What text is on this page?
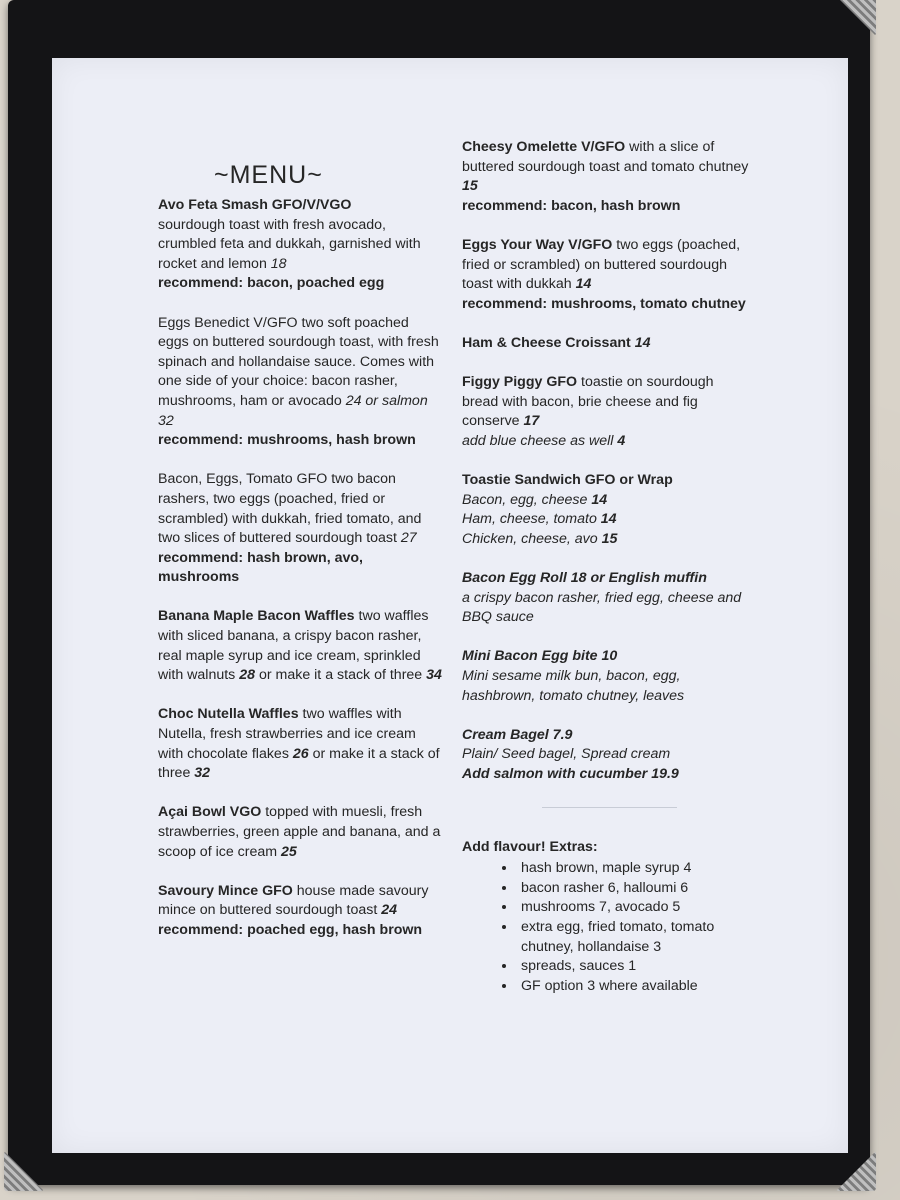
~MENU~
Avo Feta Smash GFO/V/VGO
sourdough toast with fresh avocado, crumbled feta and dukkah, garnished with rocket and lemon 18
recommend: bacon, poached egg
Eggs Benedict V/GFO two soft poached eggs on buttered sourdough toast, with fresh spinach and hollandaise sauce. Comes with one side of your choice: bacon rasher, mushrooms, ham or avocado 24 or salmon 32
recommend: mushrooms, hash brown
Bacon, Eggs, Tomato GFO two bacon rashers, two eggs (poached, fried or scrambled) with dukkah, fried tomato, and two slices of buttered sourdough toast 27
recommend: hash brown, avo, mushrooms
Banana Maple Bacon Waffles two waffles with sliced banana, a crispy bacon rasher, real maple syrup and ice cream, sprinkled with walnuts 28 or make it a stack of three 34
Choc Nutella Waffles two waffles with Nutella, fresh strawberries and ice cream with chocolate flakes 26 or make it a stack of three 32
Açai Bowl VGO topped with muesli, fresh strawberries, green apple and banana, and a scoop of ice cream 25
Savoury Mince GFO house made savoury mince on buttered sourdough toast 24
recommend: poached egg, hash brown
Cheesy Omelette V/GFO with a slice of buttered sourdough toast and tomato chutney 15
recommend: bacon, hash brown
Eggs Your Way V/GFO two eggs (poached, fried or scrambled) on buttered sourdough toast with dukkah 14
recommend: mushrooms, tomato chutney
Ham & Cheese Croissant 14
Figgy Piggy GFO toastie on sourdough bread with bacon, brie cheese and fig conserve 17
add blue cheese as well 4
Toastie Sandwich GFO or Wrap
Bacon, egg, cheese 14
Ham, cheese, tomato 14
Chicken, cheese, avo 15
Bacon Egg Roll 18 or English muffin
a crispy bacon rasher, fried egg, cheese and BBQ sauce
Mini Bacon Egg bite 10
Mini sesame milk bun, bacon, egg, hashbrown, tomato chutney, leaves
Cream Bagel 7.9
Plain/ Seed bagel, Spread cream
Add salmon with cucumber 19.9
Add flavour! Extras:
• hash brown, maple syrup 4
• bacon rasher 6, halloumi 6
• mushrooms 7, avocado 5
• extra egg, fried tomato, tomato chutney, hollandaise 3
• spreads, sauces 1
• GF option 3 where available
